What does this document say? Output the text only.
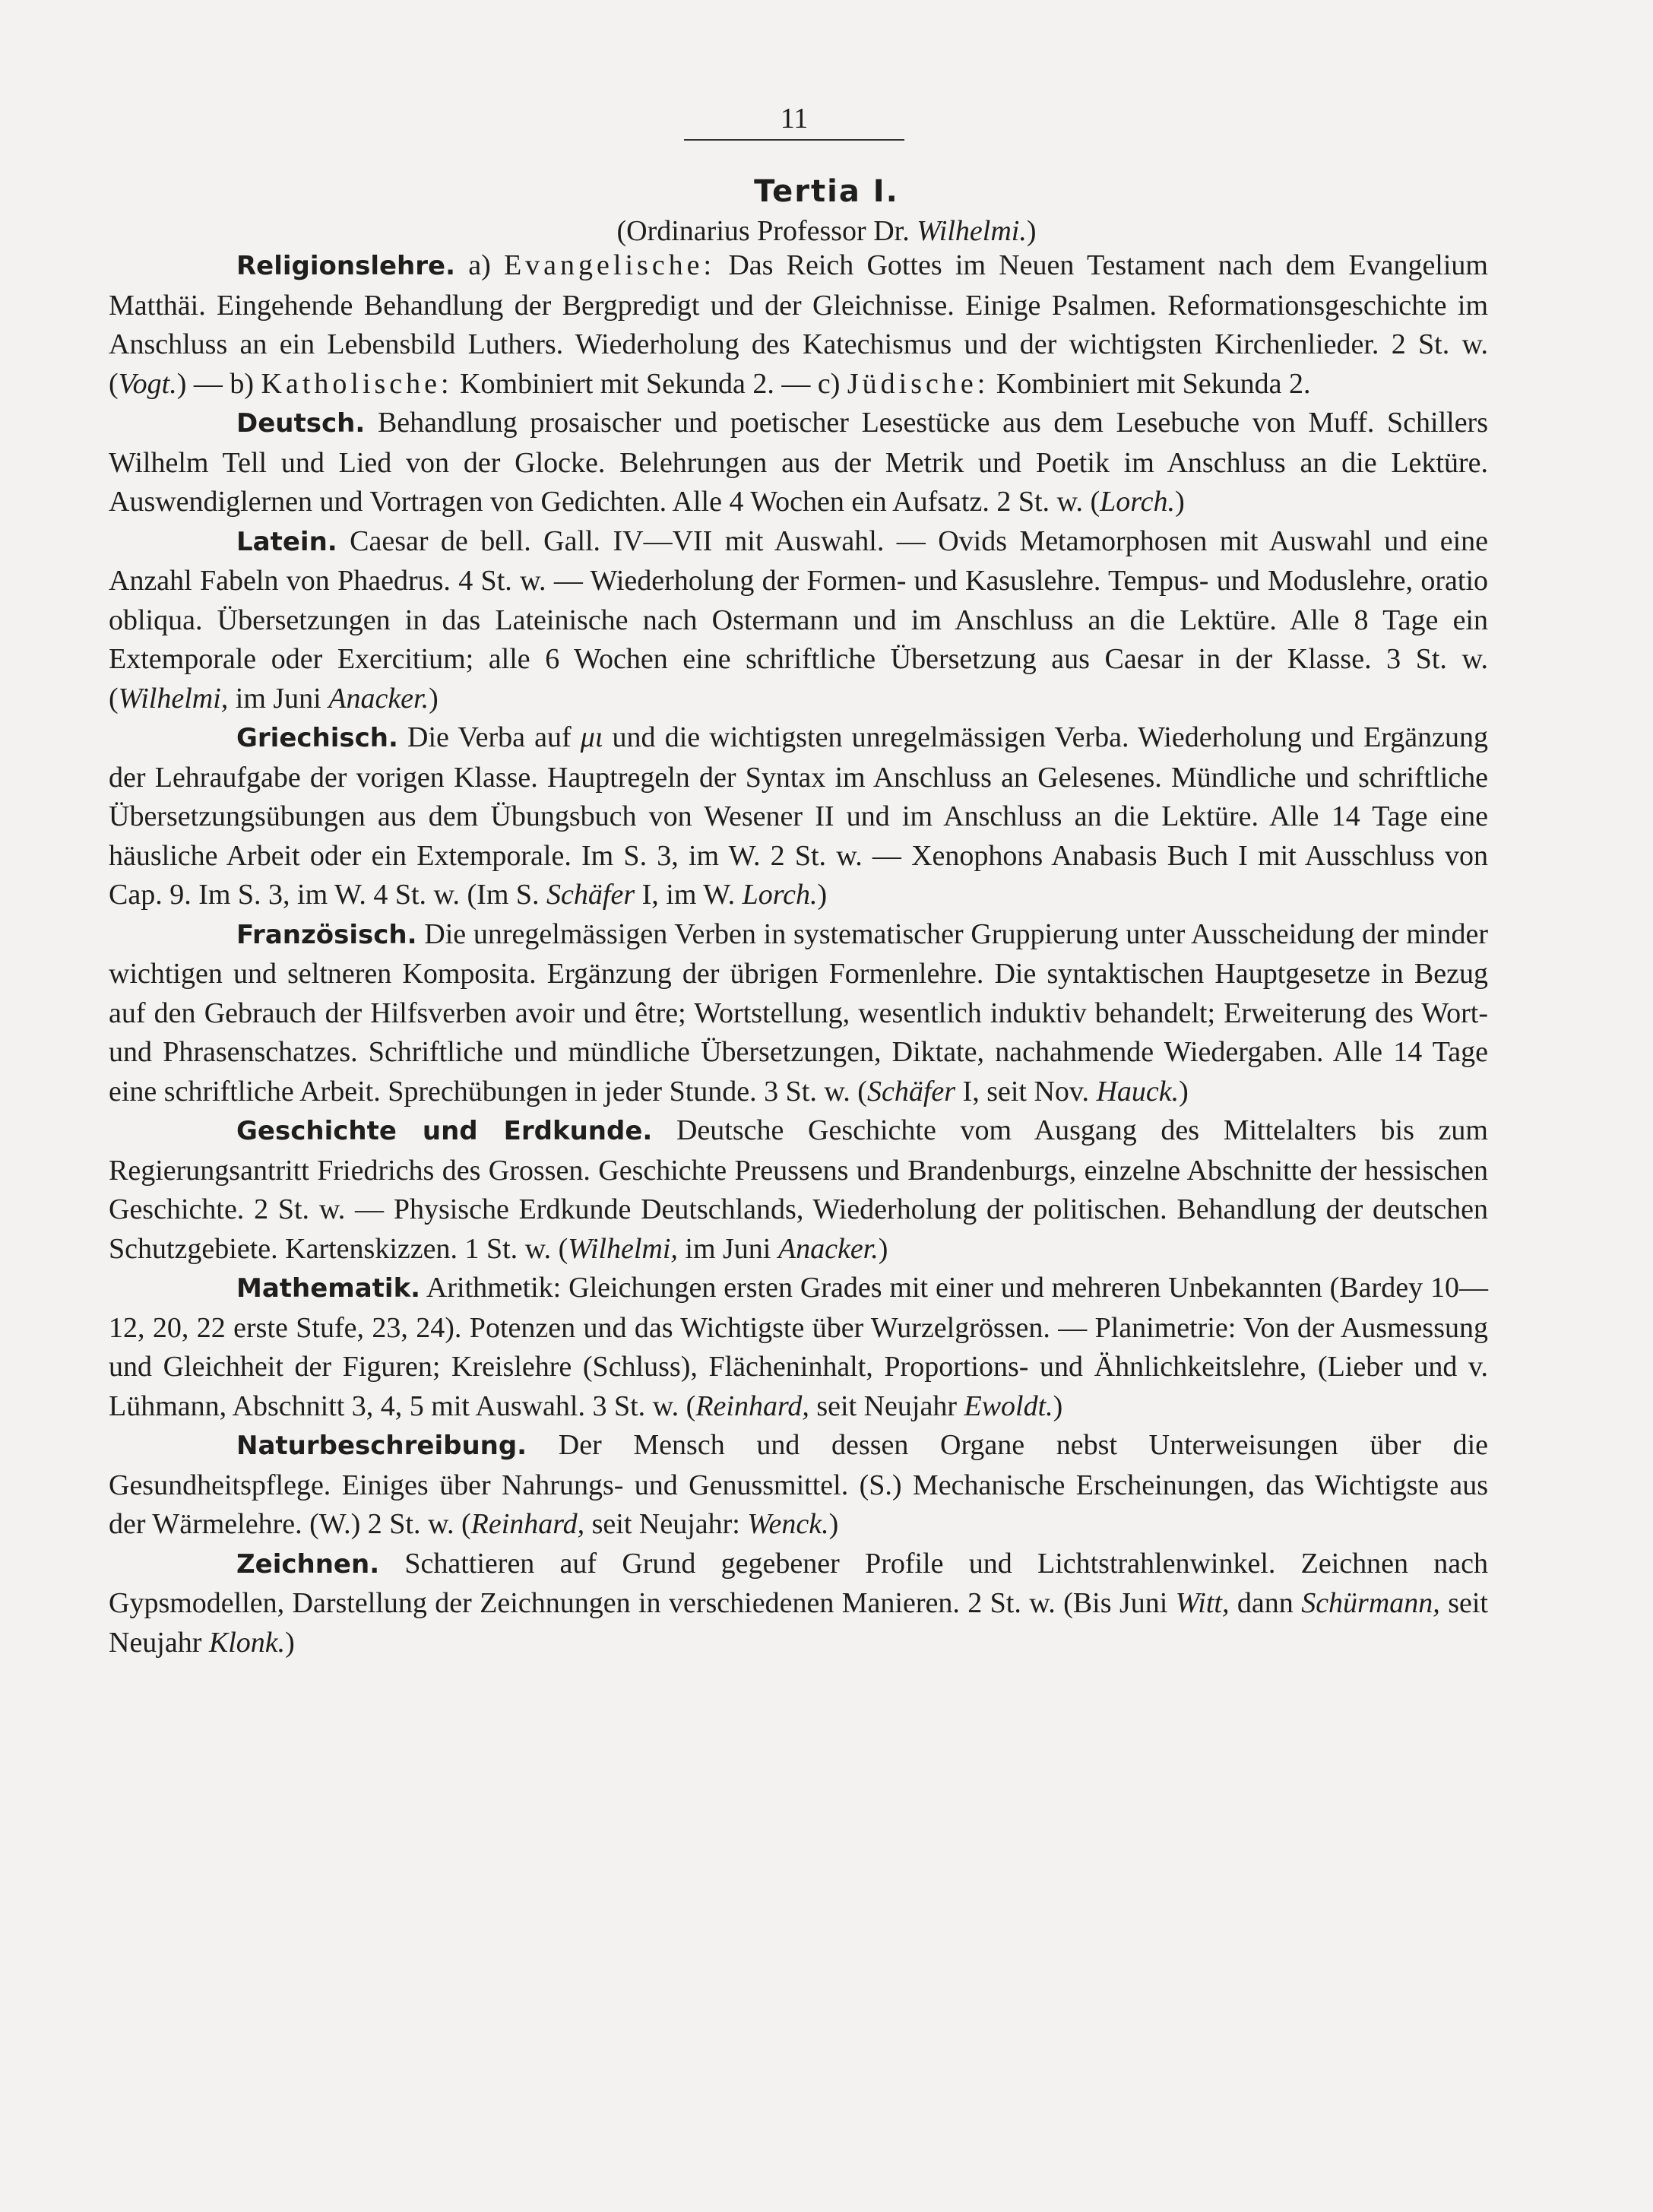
11
Tertia I.
(Ordinarius Professor Dr. Wilhelmi.)

Religionslehre. a) Evangelische: Das Reich Gottes im Neuen Testament nach dem Evangelium Matthäi. Eingehende Behandlung der Bergpredigt und der Gleichnisse. Einige Psalmen. Reformationsgeschichte im Anschluss an ein Lebensbild Luthers. Wiederholung des Katechismus und der wichtigsten Kirchenlieder. 2 St. w. (Vogt.) — b) Katholische: Kombiniert mit Sekunda 2. — c) Jüdische: Kombiniert mit Sekunda 2.

Deutsch. Behandlung prosaischer und poetischer Lesestücke aus dem Lesebuche von Muff. Schillers Wilhelm Tell und Lied von der Glocke. Belehrungen aus der Metrik und Poetik im Anschluss an die Lektüre. Auswendiglernen und Vortragen von Gedichten. Alle 4 Wochen ein Aufsatz. 2 St. w. (Lorch.)

Latein. Caesar de bell. Gall. IV—VII mit Auswahl. — Ovids Metamorphosen mit Auswahl und eine Anzahl Fabeln von Phaedrus. 4 St. w. — Wiederholung der Formen- und Kasuslehre. Tempus- und Moduslehre, oratio obliqua. Übersetzungen in das Lateinische nach Ostermann und im Anschluss an die Lektüre. Alle 8 Tage ein Extemporale oder Exercitium; alle 6 Wochen eine schriftliche Übersetzung aus Caesar in der Klasse. 3 St. w. (Wilhelmi, im Juni Anacker.)

Griechisch. Die Verba auf μι und die wichtigsten unregelmässigen Verba. Wiederholung und Ergänzung der Lehraufgabe der vorigen Klasse. Hauptregeln der Syntax im Anschluss an Gelesenes. Mündliche und schriftliche Übersetzungsübungen aus dem Übungsbuch von Wesener II und im Anschluss an die Lektüre. Alle 14 Tage eine häusliche Arbeit oder ein Extemporale. Im S. 3, im W. 2 St. w. — Xenophons Anabasis Buch I mit Ausschluss von Cap. 9. Im S. 3, im W. 4 St. w. (Im S. Schäfer I, im W. Lorch.)

Französisch. Die unregelmässigen Verben in systematischer Gruppierung unter Ausscheidung der minder wichtigen und seltneren Komposita. Ergänzung der übrigen Formenlehre. Die syntaktischen Hauptgesetze in Bezug auf den Gebrauch der Hilfsverben avoir und être; Wortstellung, wesentlich induktiv behandelt; Erweiterung des Wort- und Phrasenschatzes. Schriftliche und mündliche Übersetzungen, Diktate, nachahmende Wiedergaben. Alle 14 Tage eine schriftliche Arbeit. Sprechübungen in jeder Stunde. 3 St. w. (Schäfer I, seit Nov. Hauck.)

Geschichte und Erdkunde. Deutsche Geschichte vom Ausgang des Mittelalters bis zum Regierungsantritt Friedrichs des Grossen. Geschichte Preussens und Brandenburgs, einzelne Abschnitte der hessischen Geschichte. 2 St. w. — Physische Erdkunde Deutschlands, Wiederholung der politischen. Behandlung der deutschen Schutzgebiete. Kartenskizzen. 1 St. w. (Wilhelmi, im Juni Anacker.)

Mathematik. Arithmetik: Gleichungen ersten Grades mit einer und mehreren Unbekannten (Bardey 10—12, 20, 22 erste Stufe, 23, 24). Potenzen und das Wichtigste über Wurzelgrössen. — Planimetrie: Von der Ausmessung und Gleichheit der Figuren; Kreislehre (Schluss), Flächeninhalt, Proportions- und Ähnlichkeitslehre, (Lieber und v. Lühmann, Abschnitt 3, 4, 5 mit Auswahl. 3 St. w. (Reinhard, seit Neujahr Ewoldt.)

Naturbeschreibung. Der Mensch und dessen Organe nebst Unterweisungen über die Gesundheitspflege. Einiges über Nahrungs- und Genussmittel. (S.) Mechanische Erscheinungen, das Wichtigste aus der Wärmelehre. (W.) 2 St. w. (Reinhard, seit Neujahr: Wenck.)

Zeichnen. Schattieren auf Grund gegebener Profile und Lichtstrahlenwinkel. Zeichnen nach Gypsmodellen, Darstellung der Zeichnungen in verschiedenen Manieren. 2 St. w. (Bis Juni Witt, dann Schürmann, seit Neujahr Klonk.)
